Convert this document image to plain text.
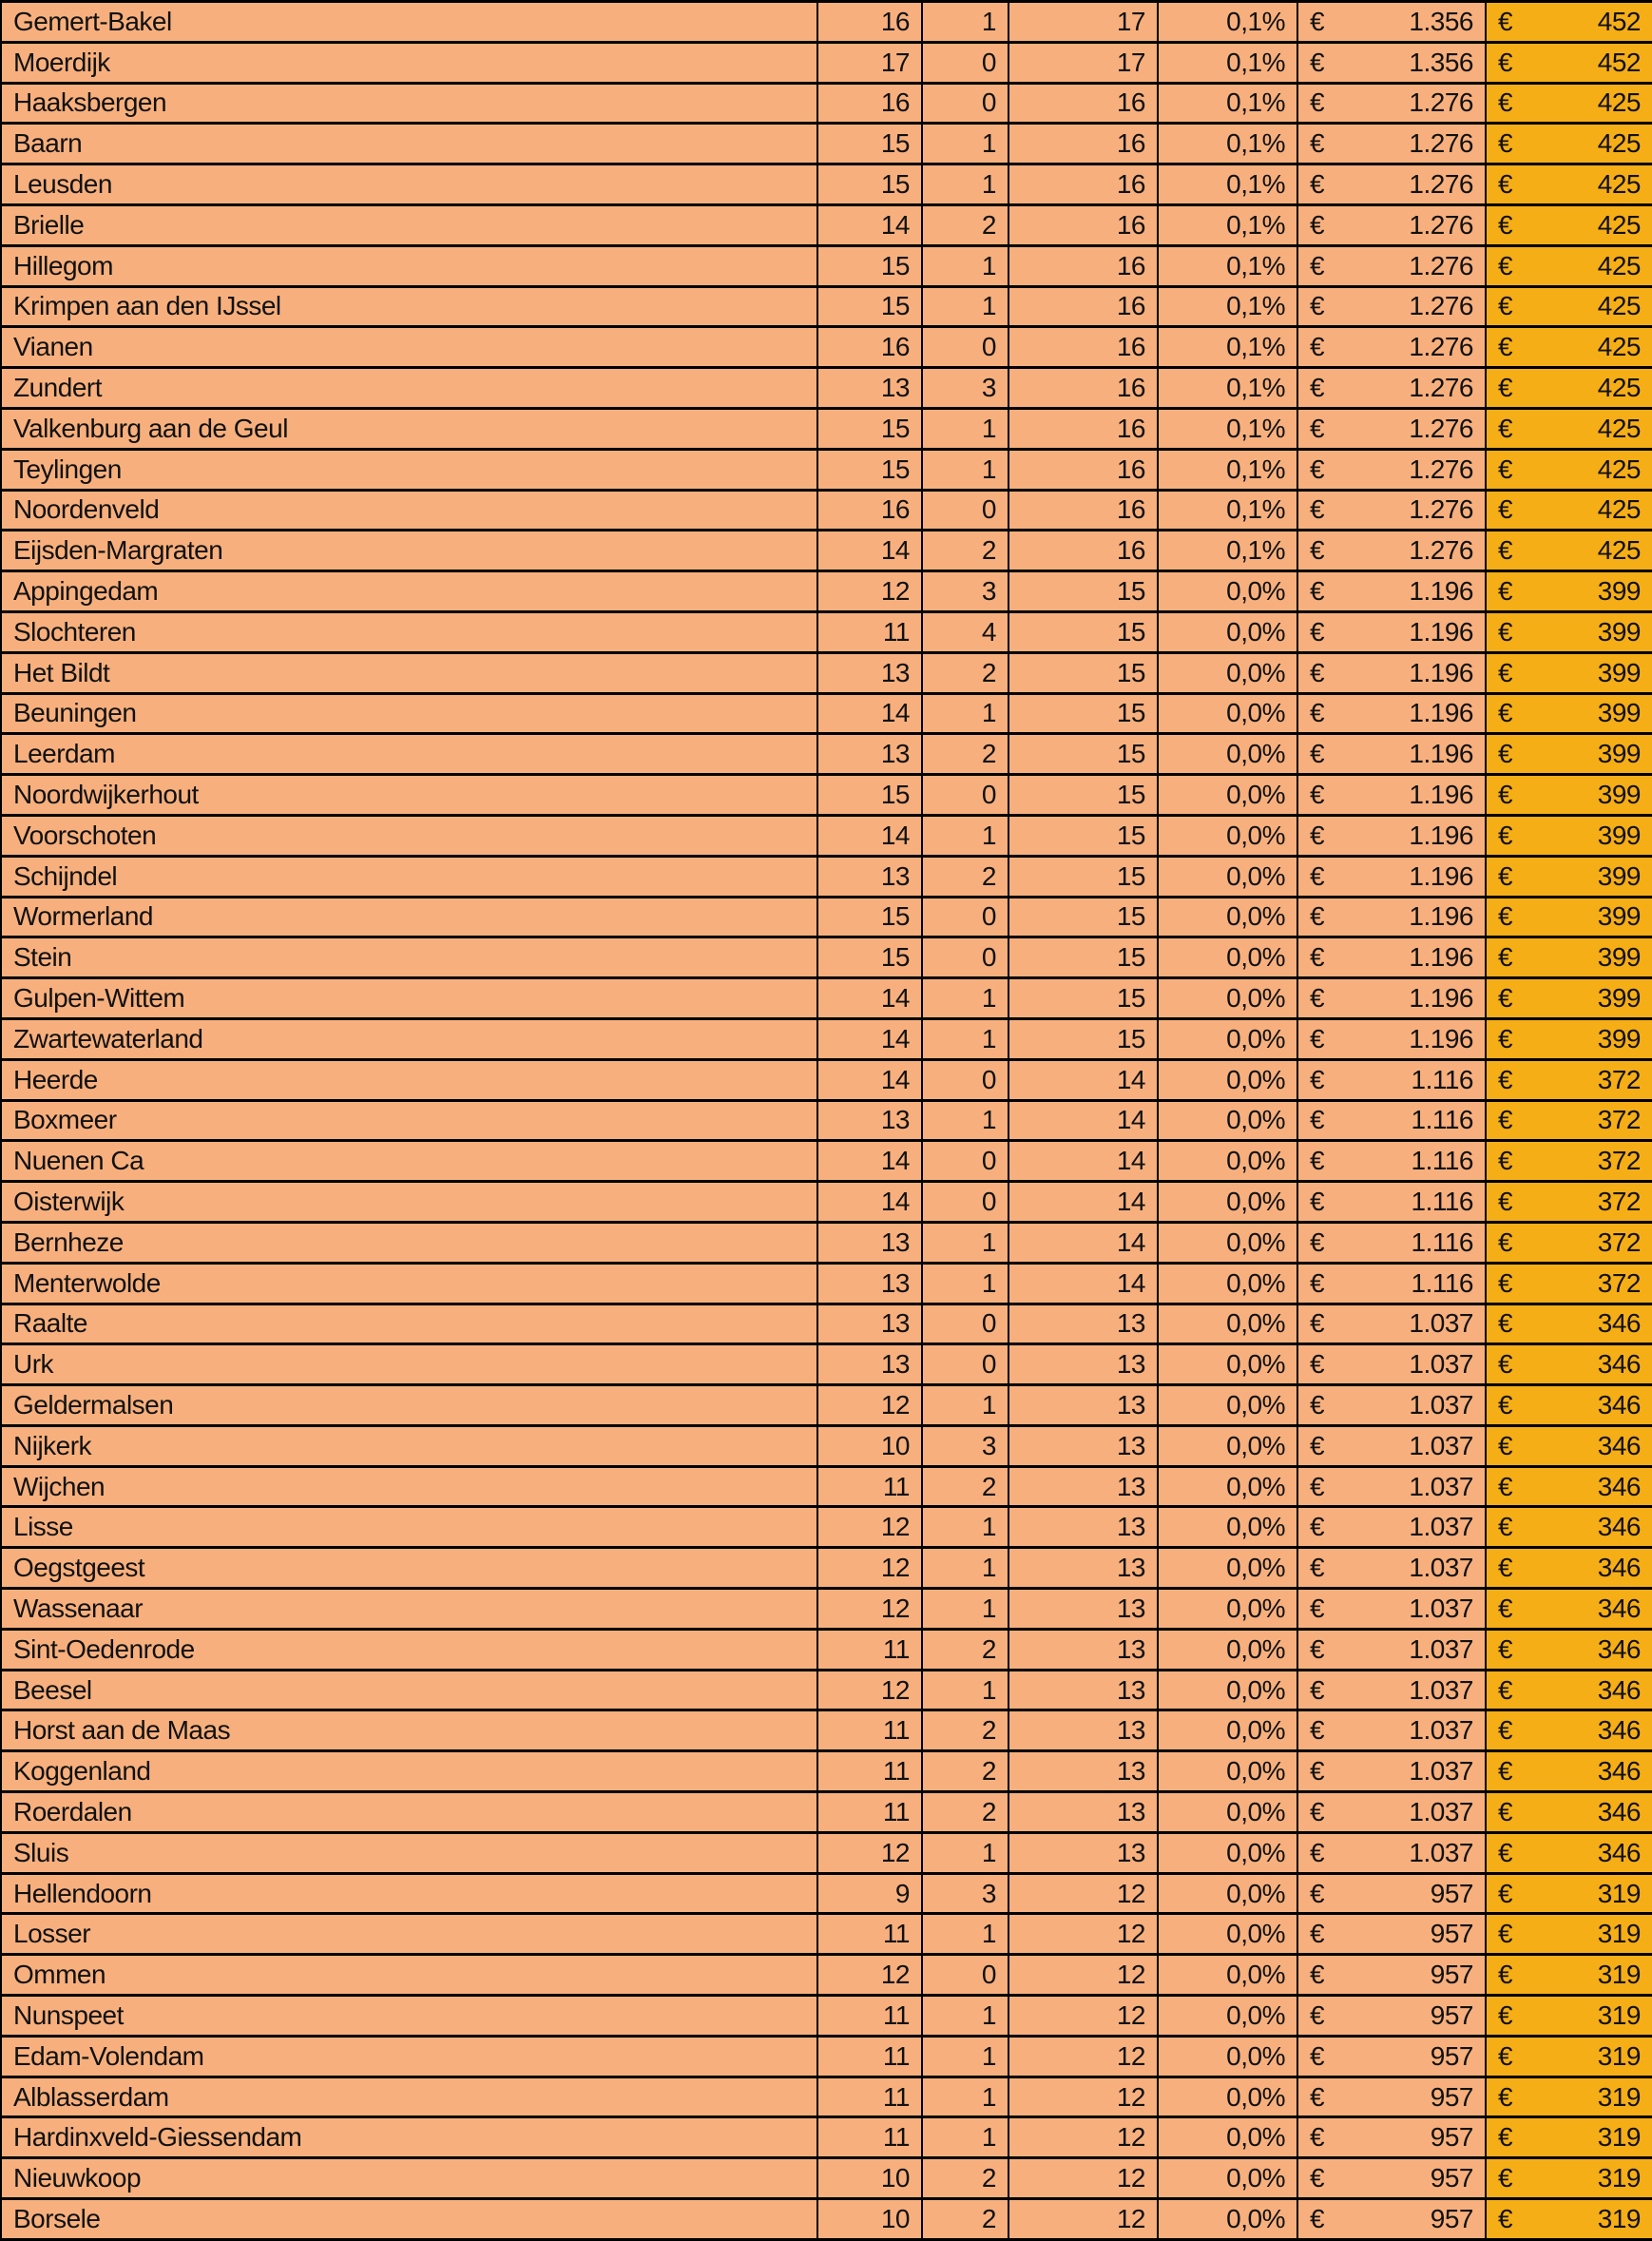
Gemert-Bakel	16	1	17	0,1%	€ 1.356	€ 452

Moerdijk	17	0	17	0,1%	€ 1.356	€ 452

Haaksbergen	16	0	16	0,1%	€ 1.276	€ 425

Baarn	15	1	16	0,1%	€ 1.276	€ 425

Leusden	15	1	16	0,1%	€ 1.276	€ 425

Brielle	14	2	16	0,1%	€ 1.276	€ 425

Hillegom	15	1	16	0,1%	€ 1.276	€ 425

Krimpen aan den IJssel	15	1	16	0,1%	€ 1.276	€ 425

Vianen	16	0	16	0,1%	€ 1.276	€ 425

Zundert	13	3	16	0,1%	€ 1.276	€ 425

Valkenburg aan de Geul	15	1	16	0,1%	€ 1.276	€ 425

Teylingen	15	1	16	0,1%	€ 1.276	€ 425

Noordenveld	16	0	16	0,1%	€ 1.276	€ 425

Eijsden-Margraten	14	2	16	0,1%	€ 1.276	€ 425

Appingedam	12	3	15	0,0%	€ 1.196	€ 399

Slochteren	11	4	15	0,0%	€ 1.196	€ 399

Het Bildt	13	2	15	0,0%	€ 1.196	€ 399

Beuningen	14	1	15	0,0%	€ 1.196	€ 399

Leerdam	13	2	15	0,0%	€ 1.196	€ 399

Noordwijkerhout	15	0	15	0,0%	€ 1.196	€ 399

Voorschoten	14	1	15	0,0%	€ 1.196	€ 399

Schijndel	13	2	15	0,0%	€ 1.196	€ 399

Wormerland	15	0	15	0,0%	€ 1.196	€ 399

Stein	15	0	15	0,0%	€ 1.196	€ 399

Gulpen-Wittem	14	1	15	0,0%	€ 1.196	€ 399

Zwartewaterland	14	1	15	0,0%	€ 1.196	€ 399

Heerde	14	0	14	0,0%	€ 1.116	€ 372

Boxmeer	13	1	14	0,0%	€ 1.116	€ 372

Nuenen Ca	14	0	14	0,0%	€ 1.116	€ 372

Oisterwijk	14	0	14	0,0%	€ 1.116	€ 372

Bernheze	13	1	14	0,0%	€ 1.116	€ 372

Menterwolde	13	1	14	0,0%	€ 1.116	€ 372

Raalte	13	0	13	0,0%	€ 1.037	€ 346

Urk	13	0	13	0,0%	€ 1.037	€ 346

Geldermalsen	12	1	13	0,0%	€ 1.037	€ 346

Nijkerk	10	3	13	0,0%	€ 1.037	€ 346

Wijchen	11	2	13	0,0%	€ 1.037	€ 346

Lisse	12	1	13	0,0%	€ 1.037	€ 346

Oegstgeest	12	1	13	0,0%	€ 1.037	€ 346

Wassenaar	12	1	13	0,0%	€ 1.037	€ 346

Sint-Oedenrode	11	2	13	0,0%	€ 1.037	€ 346

Beesel	12	1	13	0,0%	€ 1.037	€ 346

Horst aan de Maas	11	2	13	0,0%	€ 1.037	€ 346

Koggenland	11	2	13	0,0%	€ 1.037	€ 346

Roerdalen	11	2	13	0,0%	€ 1.037	€ 346

Sluis	12	1	13	0,0%	€ 1.037	€ 346

Hellendoorn	9	3	12	0,0%	€ 957	€ 319

Losser	11	1	12	0,0%	€ 957	€ 319

Ommen	12	0	12	0,0%	€ 957	€ 319

Nunspeet	11	1	12	0,0%	€ 957	€ 319

Edam-Volendam	11	1	12	0,0%	€ 957	€ 319

Alblasserdam	11	1	12	0,0%	€ 957	€ 319

Hardinxveld-Giessendam	11	1	12	0,0%	€ 957	€ 319

Nieuwkoop	10	2	12	0,0%	€ 957	€ 319

Borsele	10	2	12	0,0%	€ 957	€ 319
